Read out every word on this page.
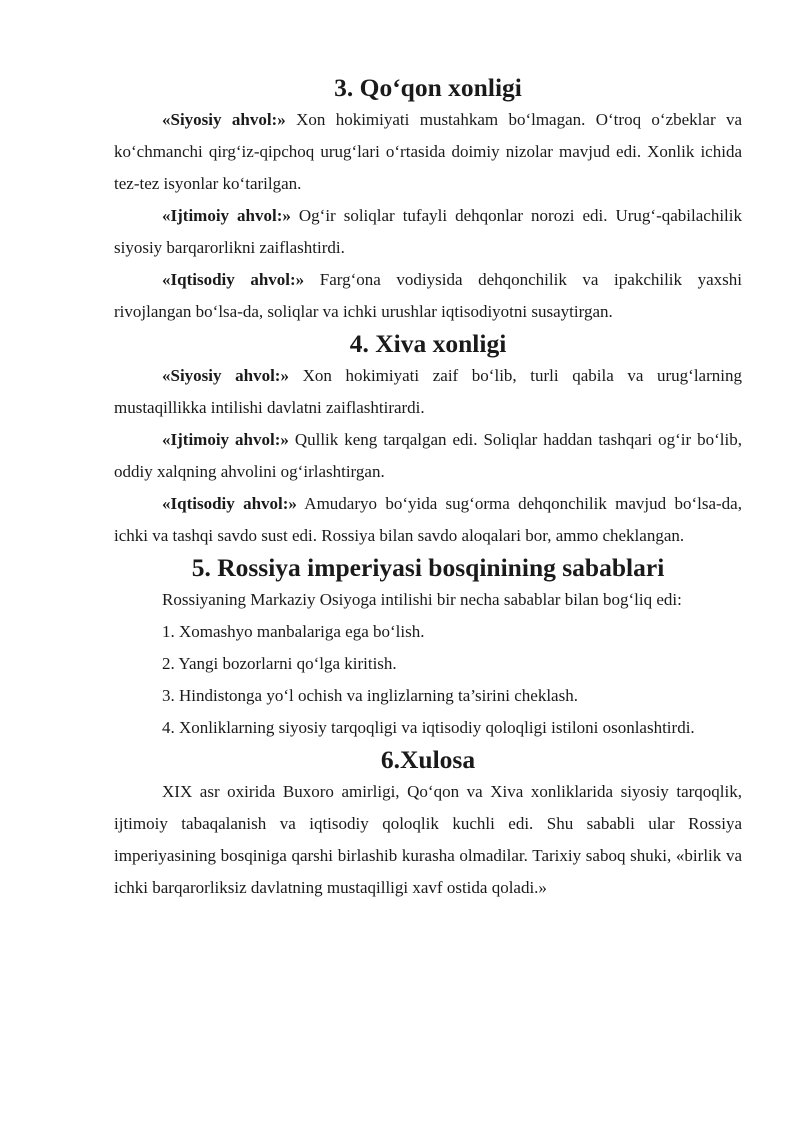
3. Qo‘qon xonligi

«Siyosiy ahvol:» Xon hokimiyati mustahkam bo‘lmagan. O‘troq o‘zbeklar va ko‘chmanchi qirg‘iz-qipchoq urug‘lari o‘rtasida doimiy nizolar mavjud edi. Xonlik ichida tez-tez isyonlar ko‘tarilgan.

«Ijtimoiy ahvol:» Og‘ir soliqlar tufayli dehqonlar norozi edi. Urug‘-qabilachilik siyosiy barqarorlikni zaiflashtirdi.

«Iqtisodiy ahvol:» Farg‘ona vodiysida dehqonchilik va ipakchilik yaxshi rivojlangan bo‘lsa-da, soliqlar va ichki urushlar iqtisodiyotni susaytirgan.

4. Xiva xonligi

«Siyosiy ahvol:» Xon hokimiyati zaif bo‘lib, turli qabila va urug‘larning mustaqillikka intilishi davlatni zaiflashtirardi.

«Ijtimoiy ahvol:» Qullik keng tarqalgan edi. Soliqlar haddan tashqari og‘ir bo‘lib, oddiy xalqning ahvolini og‘irlashtirgan.

«Iqtisodiy ahvol:» Amudaryo bo‘yida sug‘orma dehqonchilik mavjud bo‘lsa-da, ichki va tashqi savdo sust edi. Rossiya bilan savdo aloqalari bor, ammo cheklangan.

5. Rossiya imperiyasi bosqinining sabablari

Rossiyaning Markaziy Osiyoga intilishi bir necha sabablar bilan bog‘liq edi:

1. Xomashyo manbalariga ega bo‘lish.

2. Yangi bozorlarni qo‘lga kiritish.

3. Hindistonga yo‘l ochish va inglizlarning ta’sirini cheklash.

4. Xonliklarning siyosiy tarqoqligi va iqtisodiy qoloqligi istiloni osonlashtirdi.

6.Xulosa

XIX asr oxirida Buxoro amirligi, Qo‘qon va Xiva xonliklarida siyosiy tarqoqlik, ijtimoiy tabaqalanish va iqtisodiy qoloqlik kuchli edi. Shu sababli ular Rossiya imperiyasining bosqiniga qarshi birlashib kurasha olmadilar. Tarixiy saboq shuki, «birlik va ichki barqarorliksiz davlatning mustaqilligi xavf ostida qoladi.»
